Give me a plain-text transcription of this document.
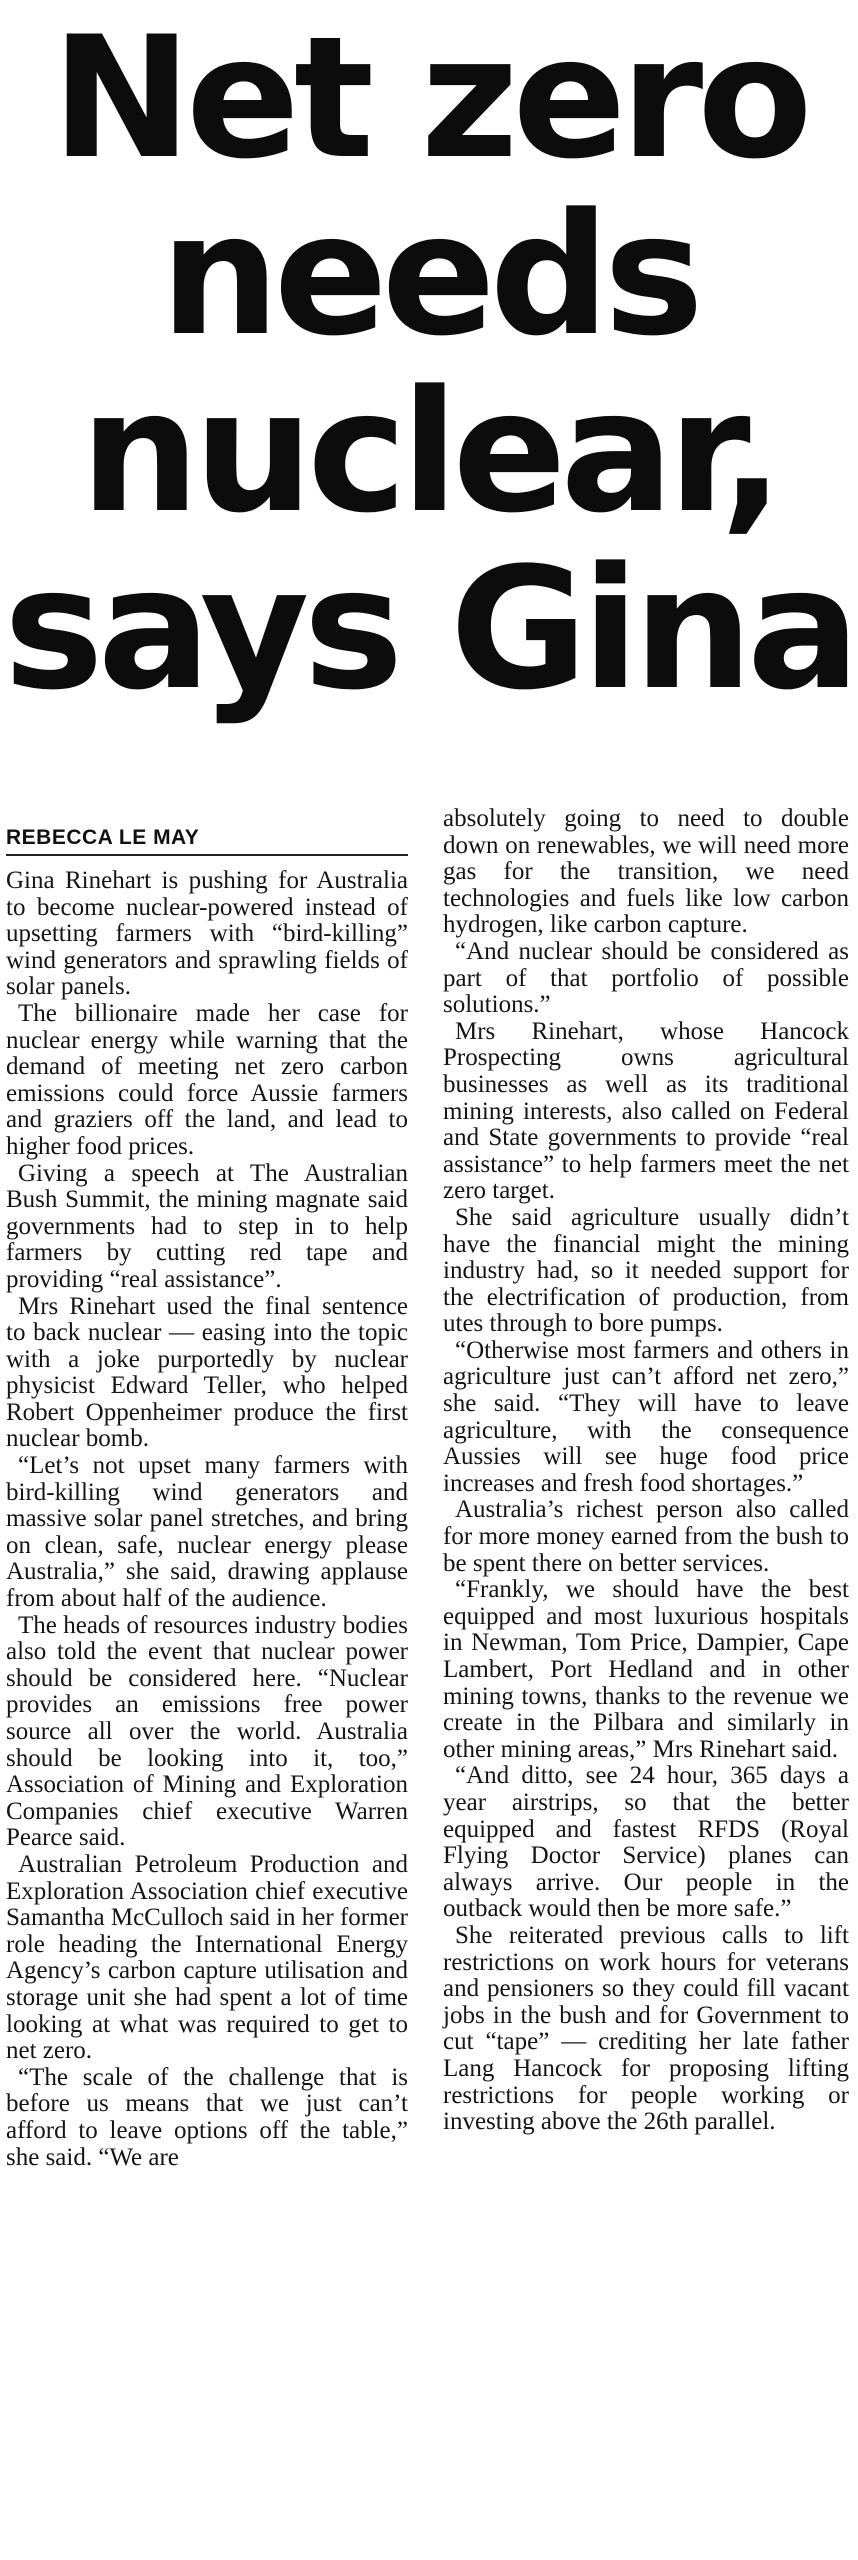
Net zero
needs
nuclear,
says Gina
REBECCA LE MAY

Gina Rinehart is pushing for Australia to become nuclear-powered instead of upsetting farmers with “bird-killing” wind generators and sprawling fields of solar panels.

The billionaire made her case for nuclear energy while warning that the demand of meeting net zero carbon emissions could force Aussie farmers and graziers off the land, and lead to higher food prices.

Giving a speech at The Australian Bush Summit, the mining magnate said governments had to step in to help farmers by cutting red tape and providing “real assistance”.

Mrs Rinehart used the final sentence to back nuclear — easing into the topic with a joke purportedly by nuclear physicist Edward Teller, who helped Robert Oppenheimer produce the first nuclear bomb.

“Let’s not upset many farmers with bird-killing wind generators and massive solar panel stretches, and bring on clean, safe, nuclear energy please Australia,” she said, drawing applause from about half of the audience.

The heads of resources industry bodies also told the event that nuclear power should be considered here. “Nuclear provides an emissions free power source all over the world. Australia should be looking into it, too,” Association of Mining and Exploration Companies chief executive Warren Pearce said.

Australian Petroleum Production and Exploration Association chief executive Samantha McCulloch said in her former role heading the International Energy Agency’s carbon capture utilisation and storage unit she had spent a lot of time looking at what was required to get to net zero.

“The scale of the challenge that is before us means that we just can’t afford to leave options off the table,” she said. “We are

absolutely going to need to double down on renewables, we will need more gas for the transition, we need technologies and fuels like low carbon hydrogen, like carbon capture.

“And nuclear should be considered as part of that portfolio of possible solutions.”

Mrs Rinehart, whose Hancock Prospecting owns agricultural businesses as well as its traditional mining interests, also called on Federal and State governments to provide “real assistance” to help farmers meet the net zero target.

She said agriculture usually didn’t have the financial might the mining industry had, so it needed support for the electrification of production, from utes through to bore pumps.

“Otherwise most farmers and others in agriculture just can’t afford net zero,” she said. “They will have to leave agriculture, with the consequence Aussies will see huge food price increases and fresh food shortages.”

Australia’s richest person also called for more money earned from the bush to be spent there on better services.

“Frankly, we should have the best equipped and most luxurious hospitals in Newman, Tom Price, Dampier, Cape Lambert, Port Hedland and in other mining towns, thanks to the revenue we create in the Pilbara and similarly in other mining areas,” Mrs Rinehart said.

“And ditto, see 24 hour, 365 days a year airstrips, so that the better equipped and fastest RFDS (Royal Flying Doctor Service) planes can always arrive. Our people in the outback would then be more safe.”

She reiterated previous calls to lift restrictions on work hours for veterans and pensioners so they could fill vacant jobs in the bush and for Government to cut “tape” — crediting her late father Lang Hancock for proposing lifting restrictions for people working or investing above the 26th parallel.
